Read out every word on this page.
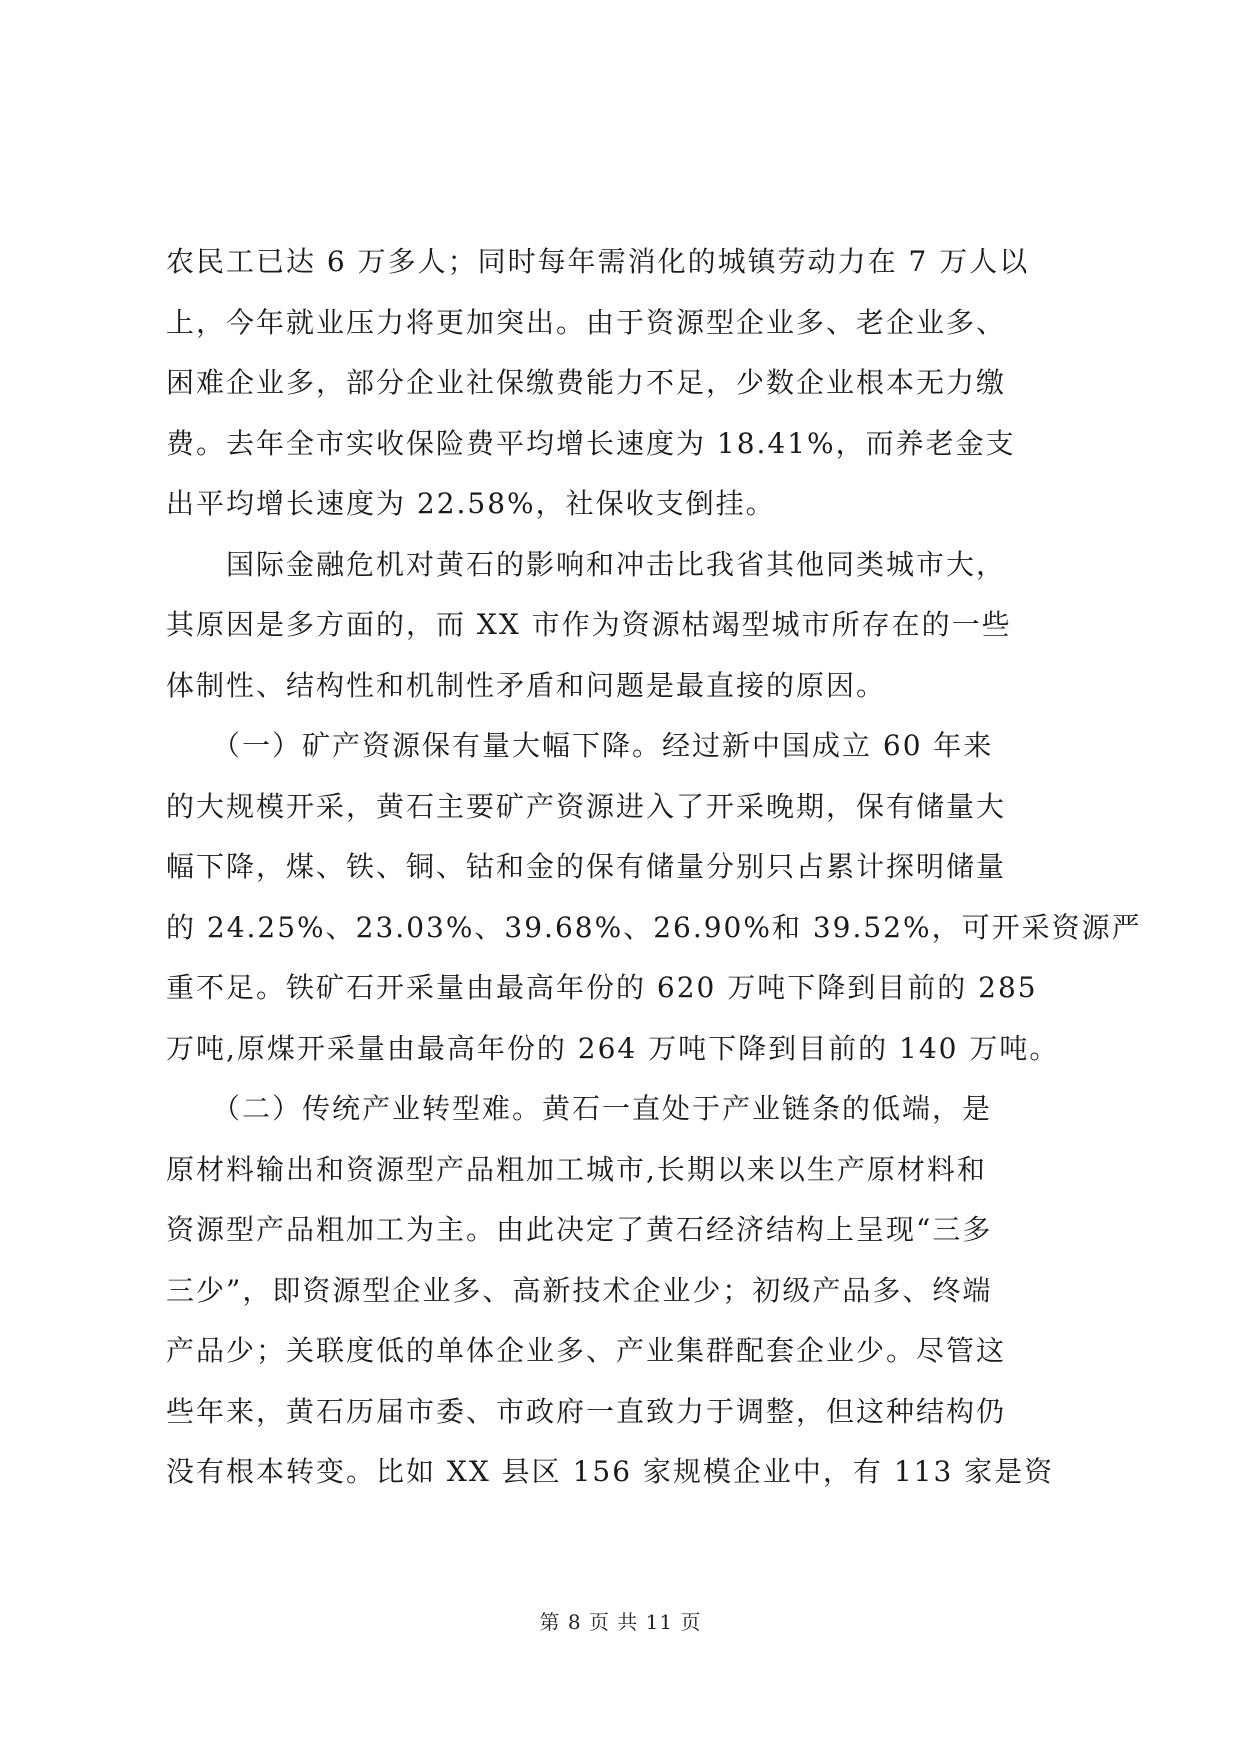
农民工已达 6 万多人；同时每年需消化的城镇劳动力在 7 万人以
上，今年就业压力将更加突出。由于资源型企业多、老企业多、
困难企业多，部分企业社保缴费能力不足，少数企业根本无力缴
费。去年全市实收保险费平均增长速度为 18.41%，而养老金支
出平均增长速度为 22.58%，社保收支倒挂。
　　国际金融危机对黄石的影响和冲击比我省其他同类城市大，
其原因是多方面的，而 XX 市作为资源枯竭型城市所存在的一些
体制性、结构性和机制性矛盾和问题是最直接的原因。
　　（一）矿产资源保有量大幅下降。经过新中国成立 60 年来
的大规模开采，黄石主要矿产资源进入了开采晚期，保有储量大
幅下降，煤、铁、铜、钴和金的保有储量分别只占累计探明储量
的 24.25%、23.03%、39.68%、26.90%和 39.52%，可开采资源严
重不足。铁矿石开采量由最高年份的 620 万吨下降到目前的 285
万吨,原煤开采量由最高年份的 264 万吨下降到目前的 140 万吨。
　　（二）传统产业转型难。黄石一直处于产业链条的低端，是
原材料输出和资源型产品粗加工城市,长期以来以生产原材料和
资源型产品粗加工为主。由此决定了黄石经济结构上呈现“三多
三少”，即资源型企业多、高新技术企业少；初级产品多、终端
产品少；关联度低的单体企业多、产业集群配套企业少。尽管这
些年来，黄石历届市委、市政府一直致力于调整，但这种结构仍
没有根本转变。比如 XX 县区 156 家规模企业中，有 113 家是资
第 8 页 共 11 页
